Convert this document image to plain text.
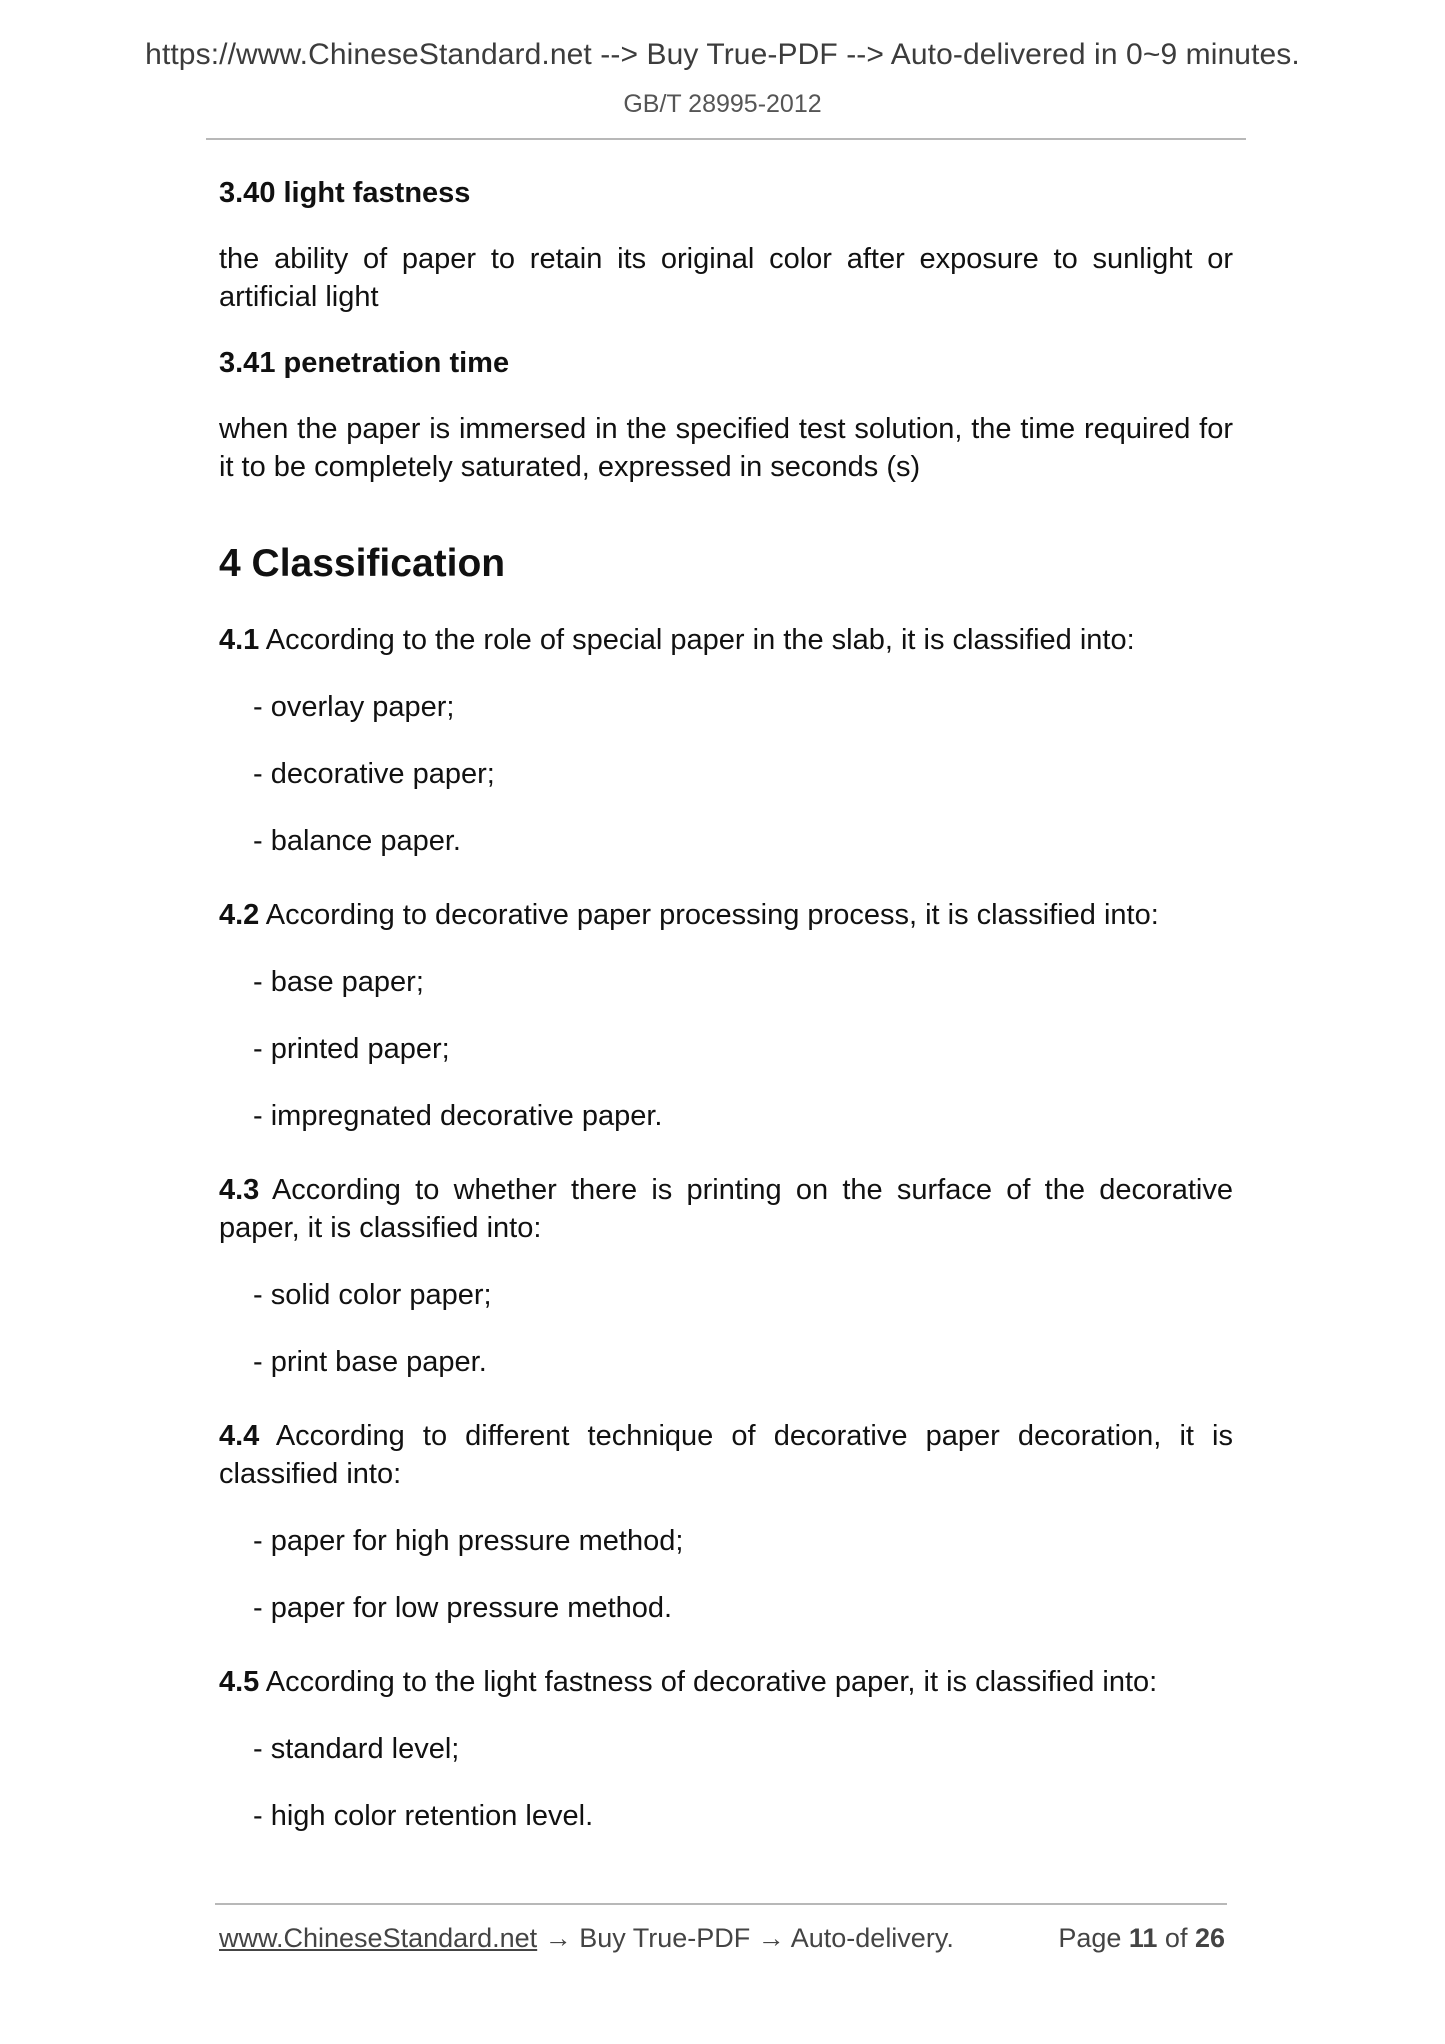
https://www.ChineseStandard.net --> Buy True-PDF --> Auto-delivered in 0~9 minutes.
GB/T 28995-2012
3.40 light fastness
the ability of paper to retain its original color after exposure to sunlight or artificial light
3.41 penetration time
when the paper is immersed in the specified test solution, the time required for it to be completely saturated, expressed in seconds (s)
4 Classification
4.1 According to the role of special paper in the slab, it is classified into:
- overlay paper;
- decorative paper;
- balance paper.
4.2 According to decorative paper processing process, it is classified into:
- base paper;
- printed paper;
- impregnated decorative paper.
4.3 According to whether there is printing on the surface of the decorative paper, it is classified into:
- solid color paper;
- print base paper.
4.4 According to different technique of decorative paper decoration, it is classified into:
- paper for high pressure method;
- paper for low pressure method.
4.5 According to the light fastness of decorative paper, it is classified into:
- standard level;
- high color retention level.
www.ChineseStandard.net → Buy True-PDF → Auto-delivery.	Page 11 of 26
